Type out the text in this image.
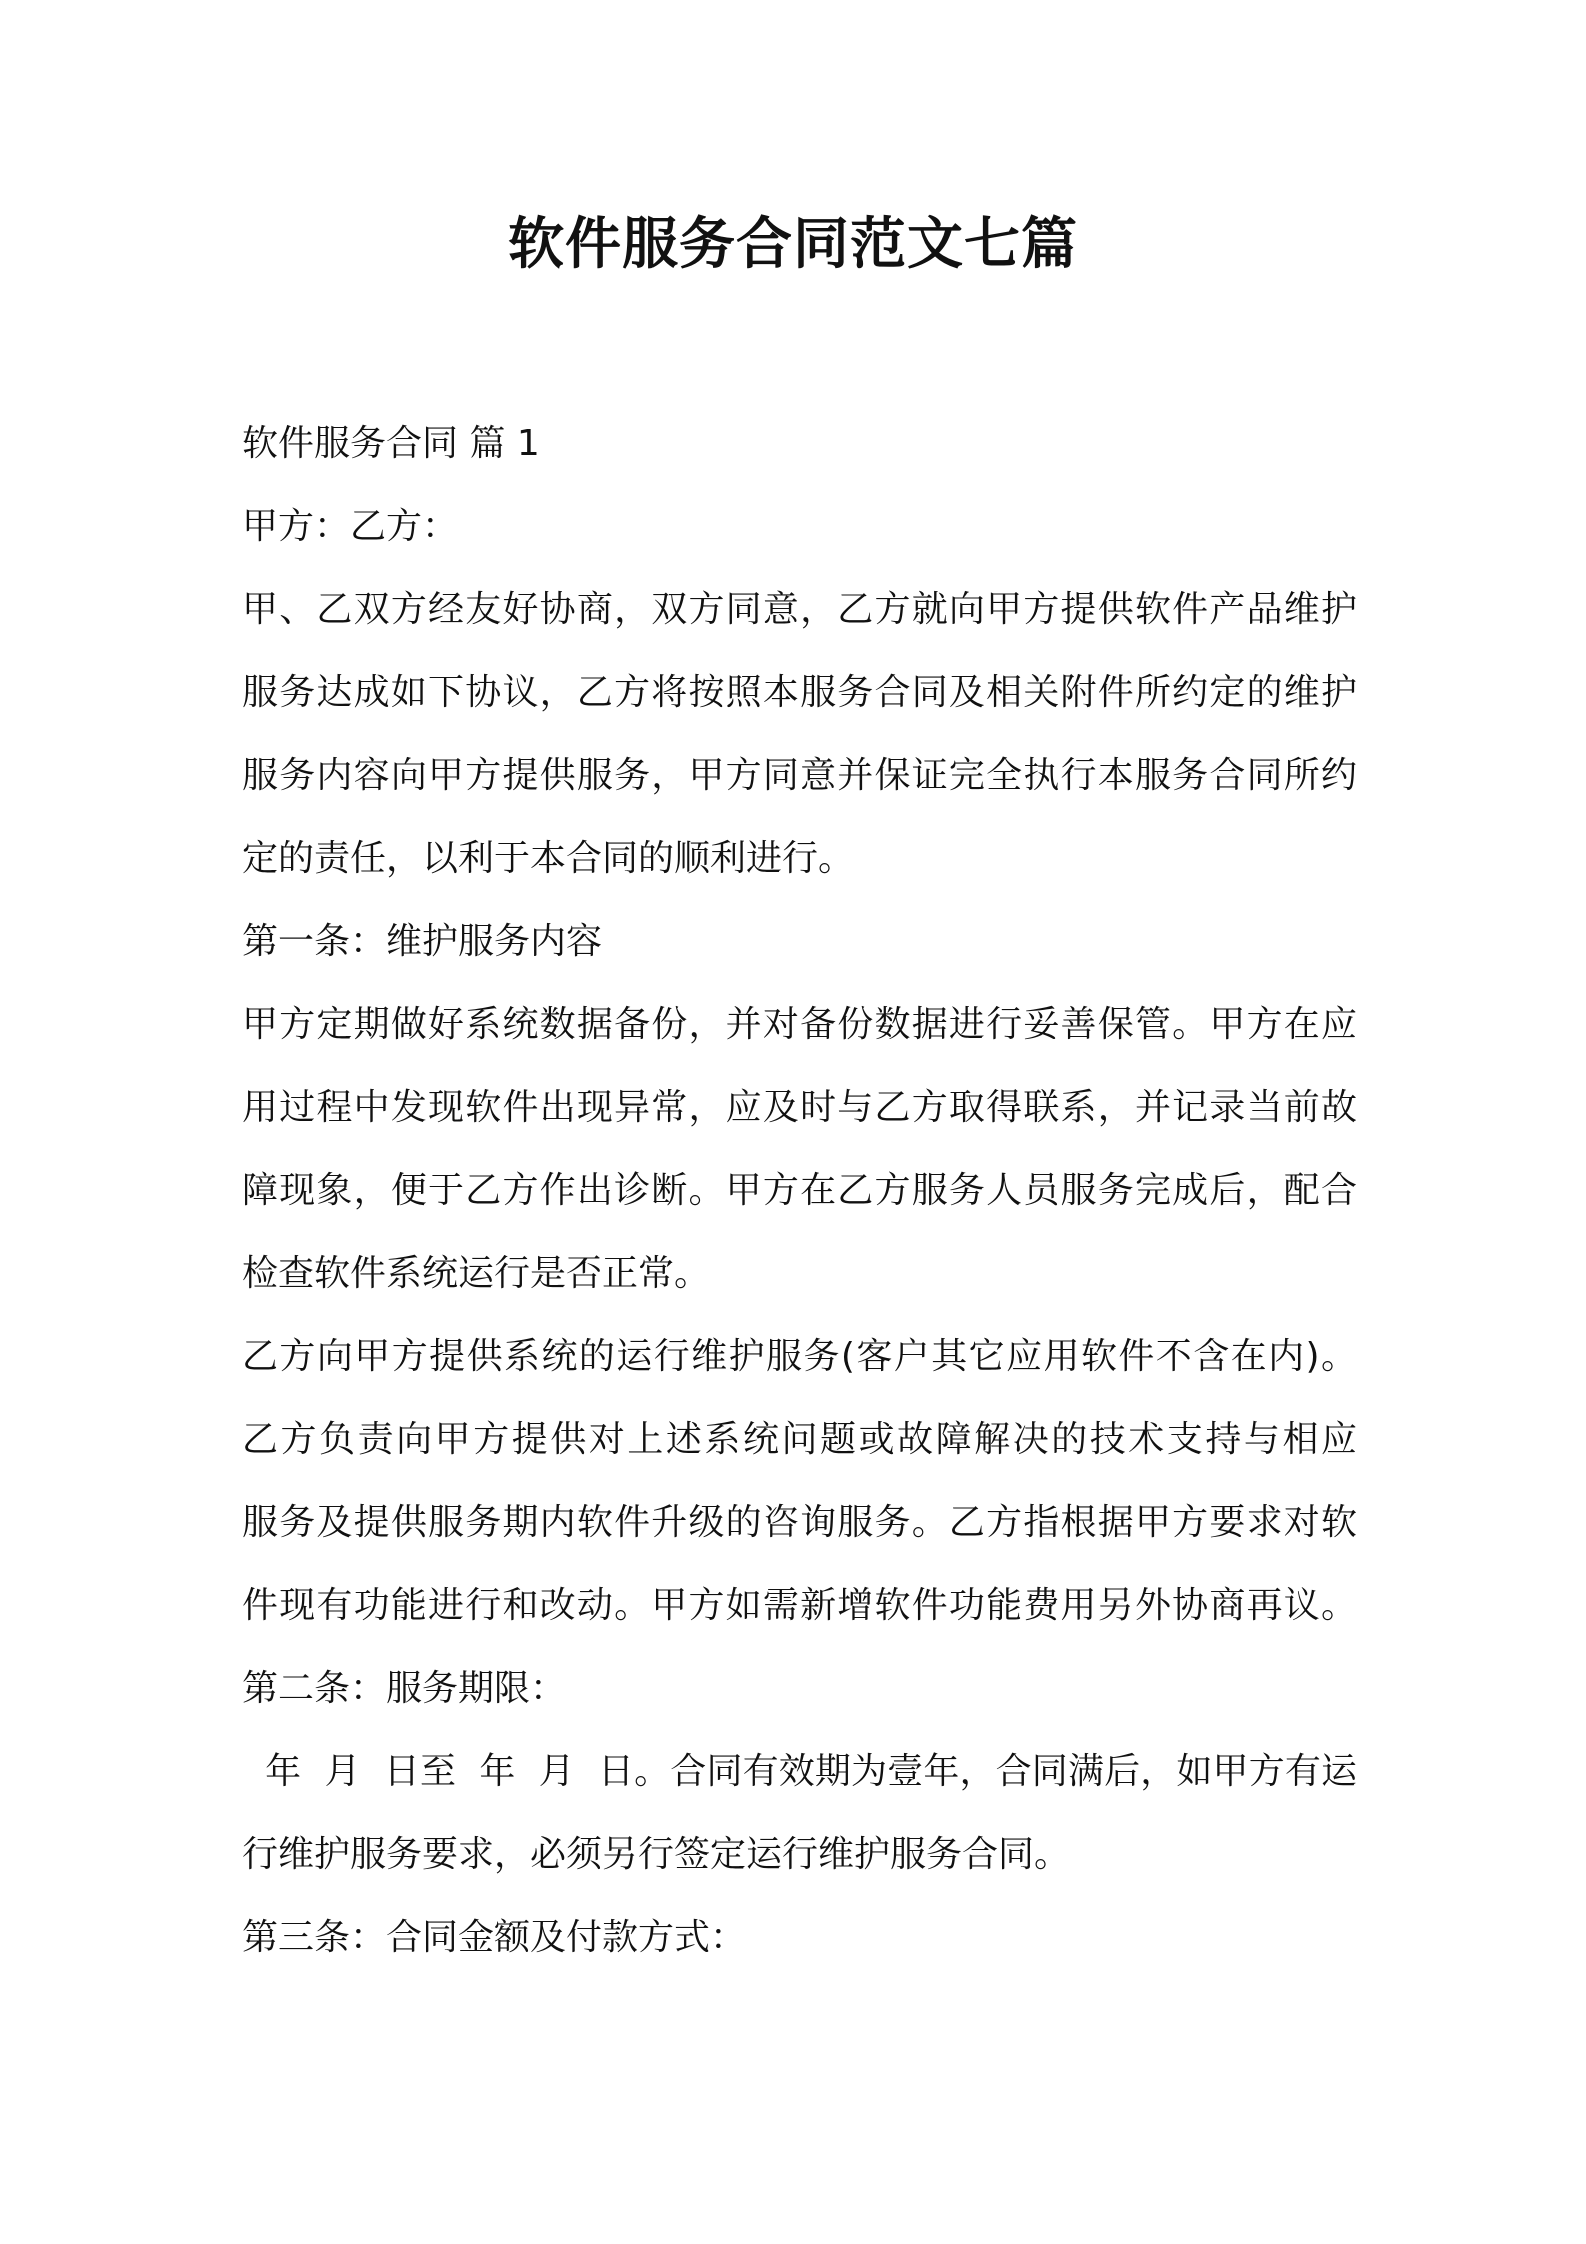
软件服务合同范文七篇
软件服务合同 篇 1
甲方：乙方：
甲、乙双方经友好协商，双方同意，乙方就向甲方提供软件产品维护
服务达成如下协议，乙方将按照本服务合同及相关附件所约定的维护
服务内容向甲方提供服务，甲方同意并保证完全执行本服务合同所约
定的责任，以利于本合同的顺利进行。
第一条：维护服务内容
甲方定期做好系统数据备份，并对备份数据进行妥善保管。甲方在应
用过程中发现软件出现异常，应及时与乙方取得联系，并记录当前故
障现象，便于乙方作出诊断。甲方在乙方服务人员服务完成后，配合
检查软件系统运行是否正常。
乙方向甲方提供系统的运行维护服务(客户其它应用软件不含在内)。
乙方负责向甲方提供对上述系统问题或故障解决的技术支持与相应
服务及提供服务期内软件升级的咨询服务。乙方指根据甲方要求对软
件现有功能进行和改动。甲方如需新增软件功能费用另外协商再议。
第二条：服务期限：
年  月  日至  年  月  日。合同有效期为壹年，合同满后，如甲方有运
行维护服务要求，必须另行签定运行维护服务合同。
第三条：合同金额及付款方式：
